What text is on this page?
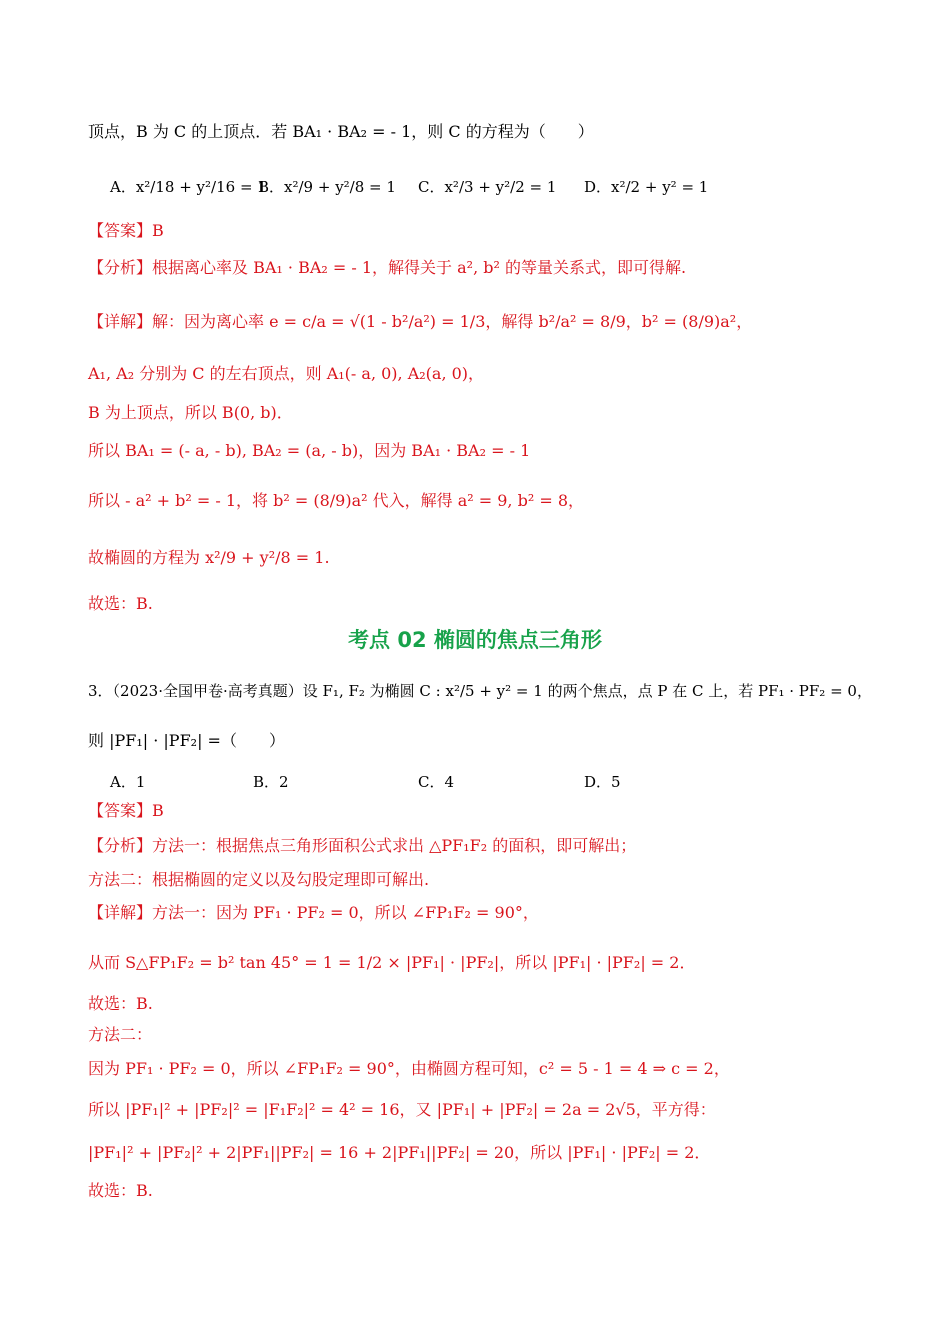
顶点，B 为 C 的上顶点．若 BA₁ · BA₂ = - 1，则 C 的方程为（　　）
A．x²/18 + y²/16 = 1
B．x²/9 + y²/8 = 1 C．x²/3 + y²/2 = 1 D．x²/2 + y² = 1
【答案】B
【分析】根据离心率及 BA₁ · BA₂ = - 1，解得关于 a², b² 的等量关系式，即可得解.
【详解】解：因为离心率 e = c/a = √(1 - b²/a²) = 1/3，解得 b²/a² = 8/9，b² = (8/9)a²，
A₁, A₂ 分别为 C 的左右顶点，则 A₁(- a, 0), A₂(a, 0)，
B 为上顶点，所以 B(0, b)．
所以 BA₁ = (- a, - b), BA₂ = (a, - b)，因为 BA₁ · BA₂ = - 1
所以 - a² + b² = - 1，将 b² = (8/9)a² 代入，解得 a² = 9, b² = 8，
故椭圆的方程为 x²/9 + y²/8 = 1.
故选：B.
考点 02 椭圆的焦点三角形
3．（2023·全国甲卷·高考真题）设 F₁, F₂ 为椭圆 C : x²/5 + y² = 1 的两个焦点，点 P 在 C 上，若 PF₁ · PF₂ = 0，
则 |PF₁| · |PF₂| =（　　）
A．1	B．2	C．4	D．5
【答案】B
【分析】方法一：根据焦点三角形面积公式求出 △PF₁F₂ 的面积，即可解出；
方法二：根据椭圆的定义以及勾股定理即可解出.
【详解】方法一：因为 PF₁ · PF₂ = 0，所以 ∠FP₁F₂ = 90°，
从而 S△FP₁F₂ = b² tan 45° = 1 = 1/2 × |PF₁| · |PF₂|，所以 |PF₁| · |PF₂| = 2．
故选：B.
方法二：
因为 PF₁ · PF₂ = 0，所以 ∠FP₁F₂ = 90°，由椭圆方程可知，c² = 5 - 1 = 4 ⇒ c = 2，
所以 |PF₁|² + |PF₂|² = |F₁F₂|² = 4² = 16，又 |PF₁| + |PF₂| = 2a = 2√5，平方得：
|PF₁|² + |PF₂|² + 2|PF₁||PF₂| = 16 + 2|PF₁||PF₂| = 20，所以 |PF₁| · |PF₂| = 2．
故选：B.
